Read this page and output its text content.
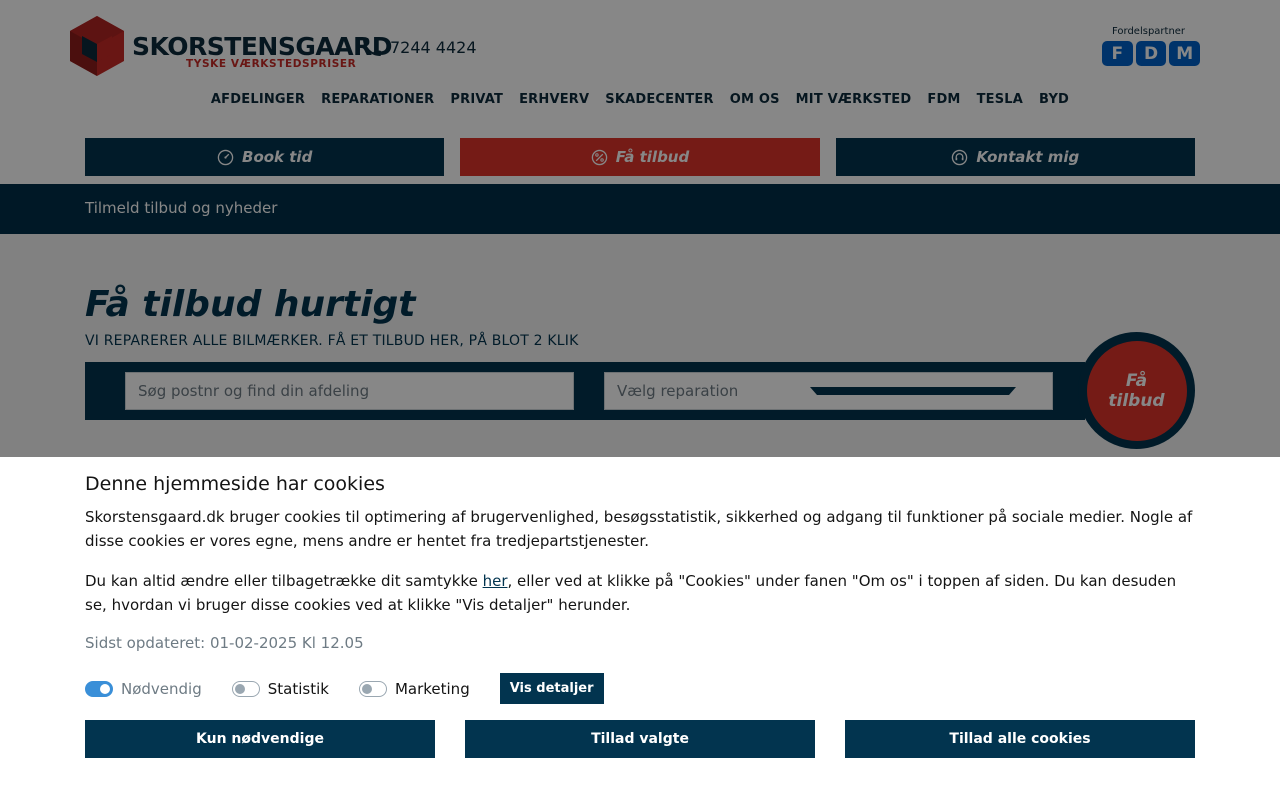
SKORSTENSGAARD
TYSKE VÆRKSTEDSPRISER
7244 4424
Fordelspartner
F	D	M
AFDELINGER REPARATIONER PRIVAT ERHVERV SKADECENTER OM OS MIT VÆRKSTED FDM TESLA BYD
Book tid	Få tilbud	Kontakt mig
Tilmeld tilbud og nyheder
Få tilbud hurtigt
VI REPARERER ALLE BILMÆRKER. FÅ ET TILBUD HER, PÅ BLOT 2 KLIK
Søg postnr og find din afdeling
Vælg reparation
Få tilbud
Denne hjemmeside har cookies

Skorstensgaard.dk bruger cookies til optimering af brugervenlighed, besøgsstatistik, sikkerhed og adgang til funktioner på sociale medier. Nogle af disse cookies er vores egne, mens andre er hentet fra tredjepartstjenester.

Du kan altid ændre eller tilbagetrække dit samtykke her, eller ved at klikke på "Cookies" under fanen "Om os" i toppen af siden. Du kan desuden se, hvordan vi bruger disse cookies ved at klikke "Vis detaljer" herunder.

Sidst opdateret: 01-02-2025 Kl 12.05
Nødvendig	Statistik	Marketing	Vis detaljer
Kun nødvendige	Tillad valgte	Tillad alle cookies
